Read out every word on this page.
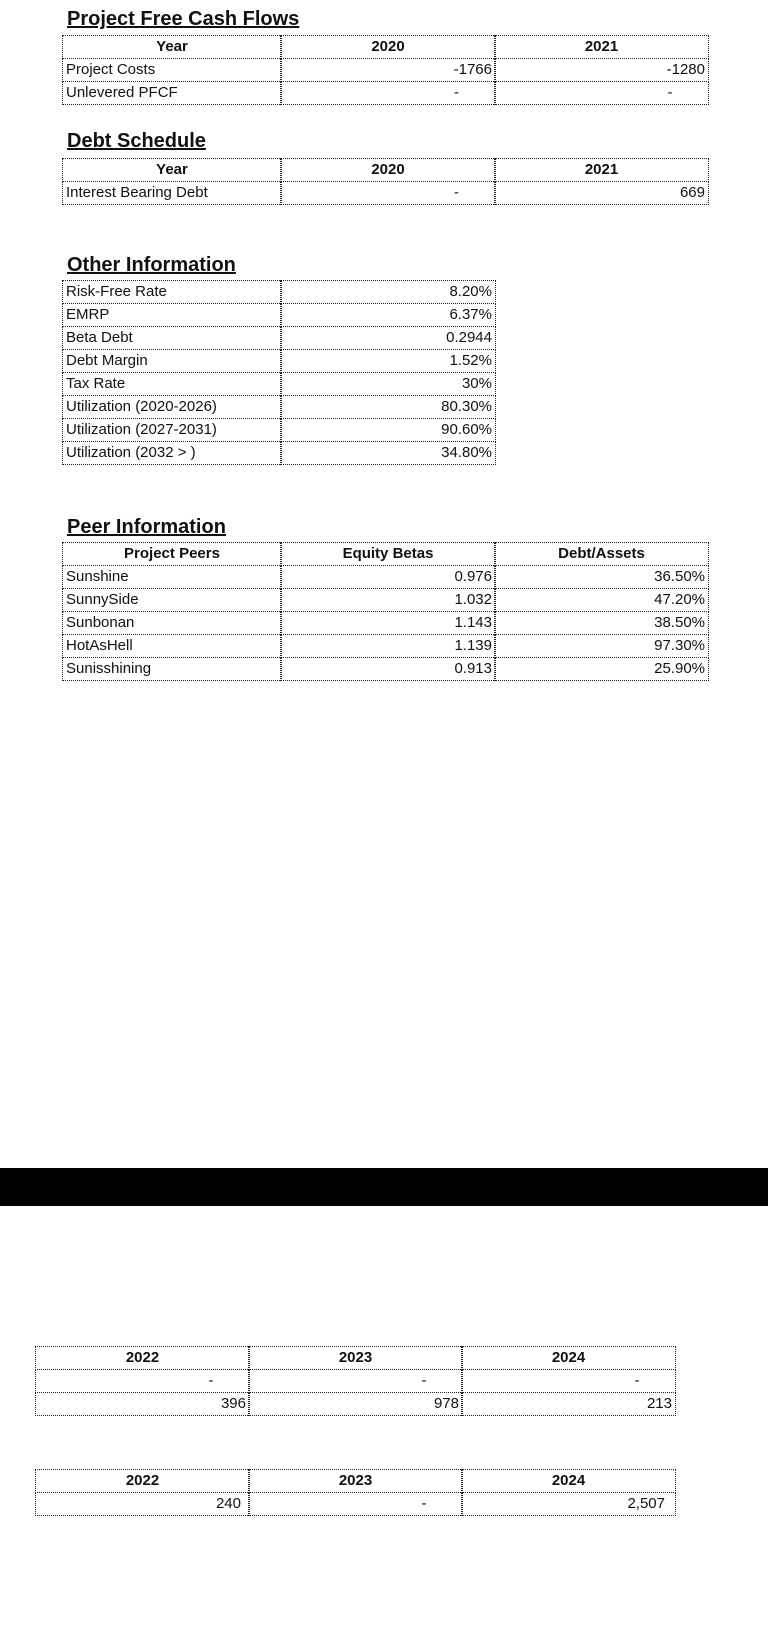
Project Free Cash Flows
Year	2020	2021
Project Costs	-1766	-1280
Unlevered PFCF	-	-
Debt Schedule
Year	2020	2021
Interest Bearing Debt	-	669
Other Information
Risk-Free Rate	8.20%
EMRP	6.37%
Beta Debt	0.2944
Debt Margin	1.52%
Tax Rate	30%
Utilization (2020-2026)	80.30%
Utilization (2027-2031)	90.60%
Utilization (2032 > )	34.80%
Peer Information
Project Peers	Equity Betas	Debt/Assets
Sunshine	0.976	36.50%
SunnySide	1.032	47.20%
Sunbonan	1.143	38.50%
HotAsHell	1.139	97.30%
Sunisshining	0.913	25.90%
2022	2023	2024
-	-	-
396	978	213
2022	2023	2024
240	-	2,507
